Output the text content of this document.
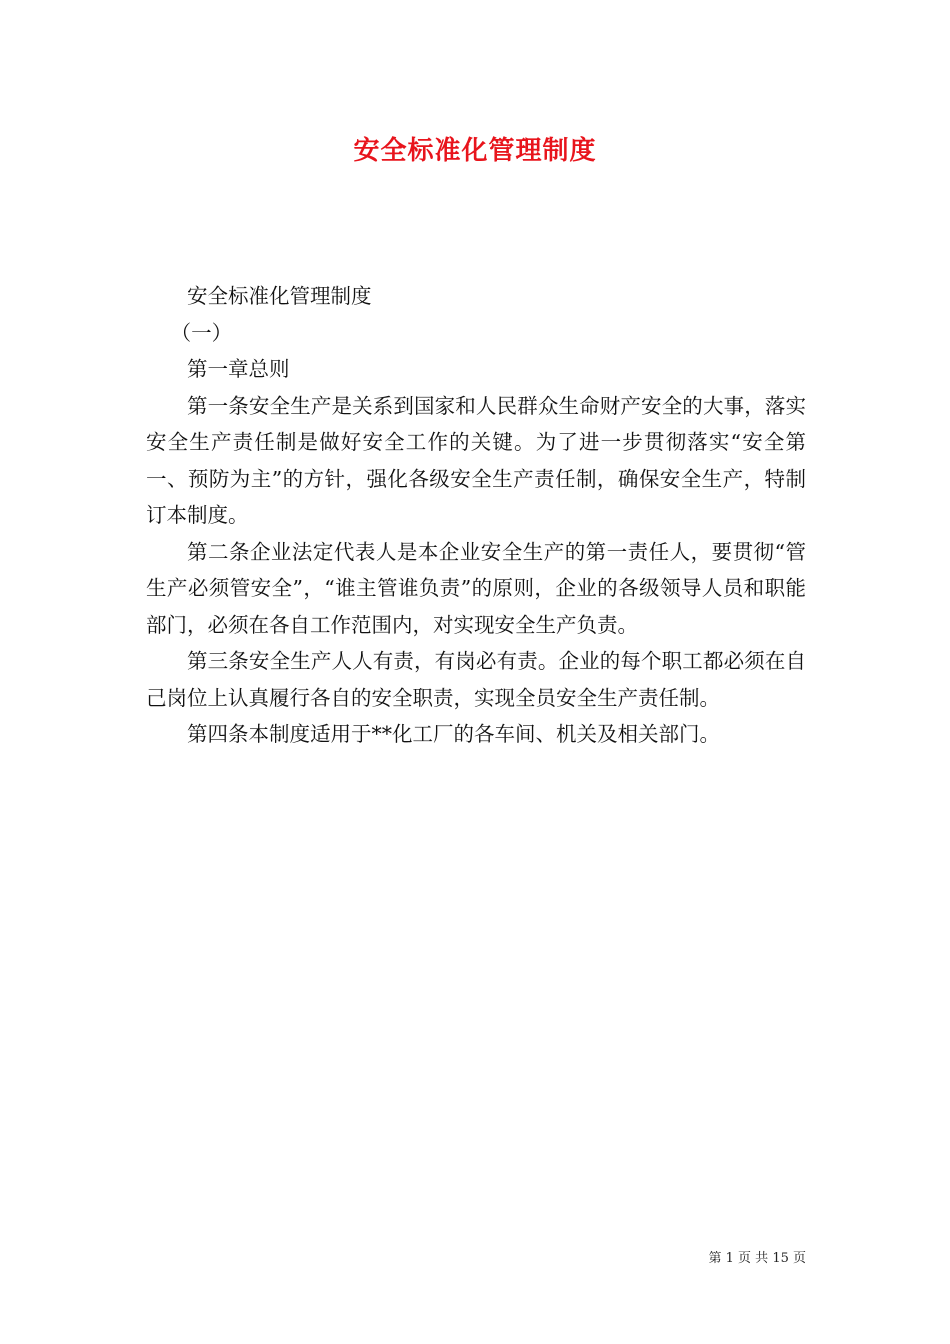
安全标准化管理制度

安全标准化管理制度

（一）

第一章总则

第一条安全生产是关系到国家和人民群众生命财产安全的大事，落实安全生产责任制是做好安全工作的关键。为了进一步贯彻落实“安全第一、预防为主”的方针，强化各级安全生产责任制，确保安全生产，特制订本制度。

第二条企业法定代表人是本企业安全生产的第一责任人，要贯彻“管生产必须管安全”，“谁主管谁负责”的原则，企业的各级领导人员和职能部门，必须在各自工作范围内，对实现安全生产负责。

第三条安全生产人人有责，有岗必有责。企业的每个职工都必须在自己岗位上认真履行各自的安全职责，实现全员安全生产责任制。

第四条本制度适用于**化工厂的各车间、机关及相关部门。

第 1 页 共 15 页
